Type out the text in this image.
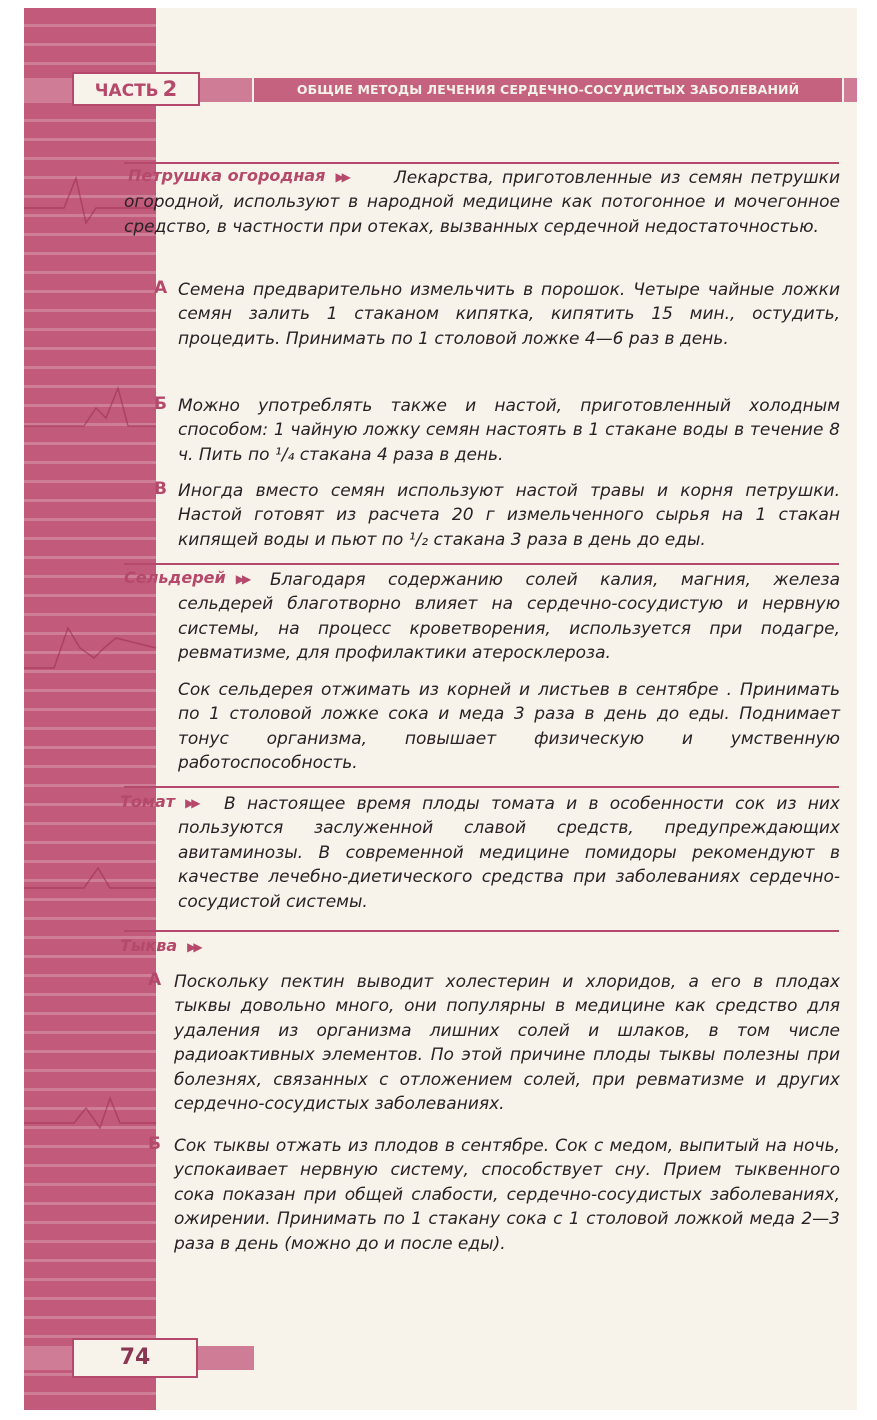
ЧАСТЬ 2	ОБЩИЕ МЕТОДЫ ЛЕЧЕНИЯ СЕРДЕЧНО-СОСУДИСТЫХ ЗАБОЛЕВАНИЙ
Петрушка огородная ▶▶	Лекарства, приготовленные из семян петрушки огородной, используют в народной медицине как потогонное и мочегонное средство, в частности при отеках, вызванных сердечной недостаточностью.
А Семена предварительно измельчить в порошок. Четыре чайные ложки семян залить 1 стаканом кипятка, кипятить 15 мин., остудить, процедить. Принимать по 1 столовой ложке 4—6 раз в день.
Б Можно употреблять также и настой, приготовленный холодным способом: 1 чайную ложку семян настоять в 1 стакане воды в течение 8 ч. Пить по ¹/₄ стакана 4 раза в день.
В Иногда вместо семян используют настой травы и корня петрушки. Настой готовят из расчета 20 г измельченного сырья на 1 стакан кипящей воды и пьют по ¹/₂ стакана 3 раза в день до еды.
Сельдерей ▶▶	Благодаря содержанию солей калия, магния, железа сельдерей благотворно влияет на сердечно-сосудистую и нервную системы, на процесс кроветворения, используется при подагре, ревматизме, для профилактики атеросклероза.
Сок сельдерея отжимать из корней и листьев в сентябре . Принимать по 1 столовой ложке сока и меда 3 раза в день до еды. Поднимает тонус организма, повышает физическую и умственную работоспособность.
Томат ▶▶	В настоящее время плоды томата и в особенности сок из них пользуются заслуженной славой средств, предупреждающих авитаминозы. В современной медицине помидоры рекомендуют в качестве лечебно-диетического средства при заболеваниях сердечно-сосудистой системы.
Тыква ▶▶
А Поскольку пектин выводит холестерин и хлоридов, а его в плодах тыквы довольно много, они популярны в медицине как средство для удаления из организма лишних солей и шлаков, в том числе радиоактивных элементов. По этой причине плоды тыквы полезны при болезнях, связанных с отложением солей, при ревматизме и других сердечно-сосудистых заболеваниях.
Б Сок тыквы отжать из плодов в сентябре. Сок с медом, выпитый на ночь, успокаивает нервную систему, способствует сну. Прием тыквенного сока показан при общей слабости, сердечно-сосудистых заболеваниях, ожирении. Принимать по 1 стакану сока с 1 столовой ложкой меда 2—3 раза в день (можно до и после еды).
74
